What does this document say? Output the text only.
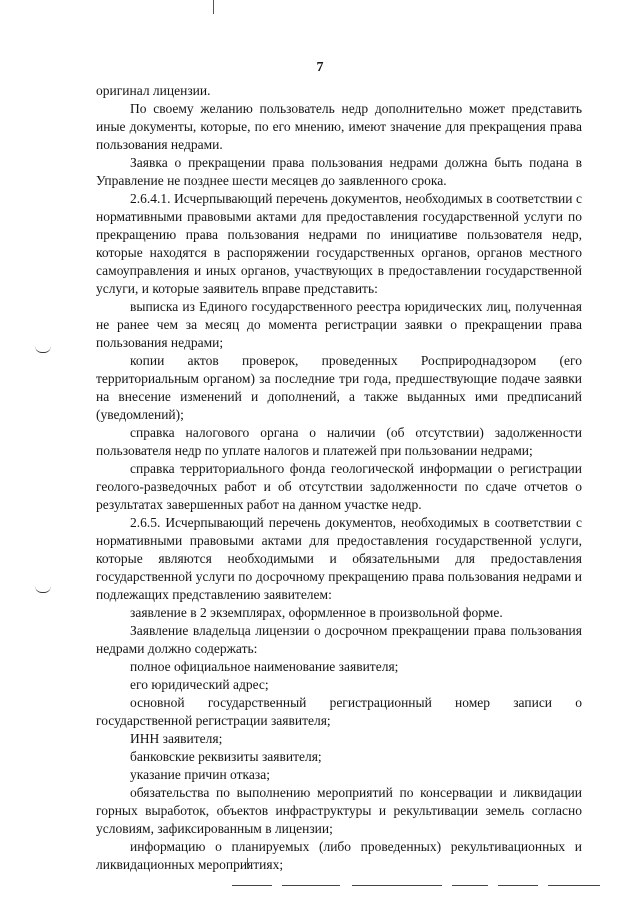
7

оригинал лицензии.

По своему желанию пользователь недр дополнительно может представить иные документы, которые, по его мнению, имеют значение для прекращения права пользования недрами.

Заявка о прекращении права пользования недрами должна быть подана в Управление не позднее шести месяцев до заявленного срока.

2.6.4.1. Исчерпывающий перечень документов, необходимых в соответствии с нормативными правовыми актами для предоставления государственной услуги по прекращению права пользования недрами по инициативе пользователя недр, которые находятся в распоряжении государственных органов, органов местного самоуправления и иных органов, участвующих в предоставлении государственной услуги, и которые заявитель вправе представить:

выписка из Единого государственного реестра юридических лиц, полученная не ранее чем за месяц до момента регистрации заявки о прекращении права пользования недрами;

копии актов проверок, проведенных Росприроднадзором (его территориальным органом) за последние три года, предшествующие подаче заявки на внесение изменений и дополнений, а также выданных ими предписаний (уведомлений);

справка налогового органа о наличии (об отсутствии) задолженности пользователя недр по уплате налогов и платежей при пользовании недрами;

справка территориального фонда геологической информации о регистрации геолого-разведочных работ и об отсутствии задолженности по сдаче отчетов о результатах завершенных работ на данном участке недр.

2.6.5. Исчерпывающий перечень документов, необходимых в соответствии с нормативными правовыми актами для предоставления государственной услуги, которые являются необходимыми и обязательными для предоставления государственной услуги по досрочному прекращению права пользования недрами и подлежащих представлению заявителем:

заявление в 2 экземплярах, оформленное в произвольной форме.

Заявление владельца лицензии о досрочном прекращении права пользования недрами должно содержать:

полное официальное наименование заявителя;

его юридический адрес;

основной государственный регистрационный номер записи о государственной регистрации заявителя;

ИНН заявителя;

банковские реквизиты заявителя;

указание причин отказа;

обязательства по выполнению мероприятий по консервации и ликвидации горных выработок, объектов инфраструктуры и рекультивации земель согласно условиям, зафиксированным в лицензии;

информацию о планируемых (либо проведенных) рекультивационных и ликвидационных мероприятиях;
